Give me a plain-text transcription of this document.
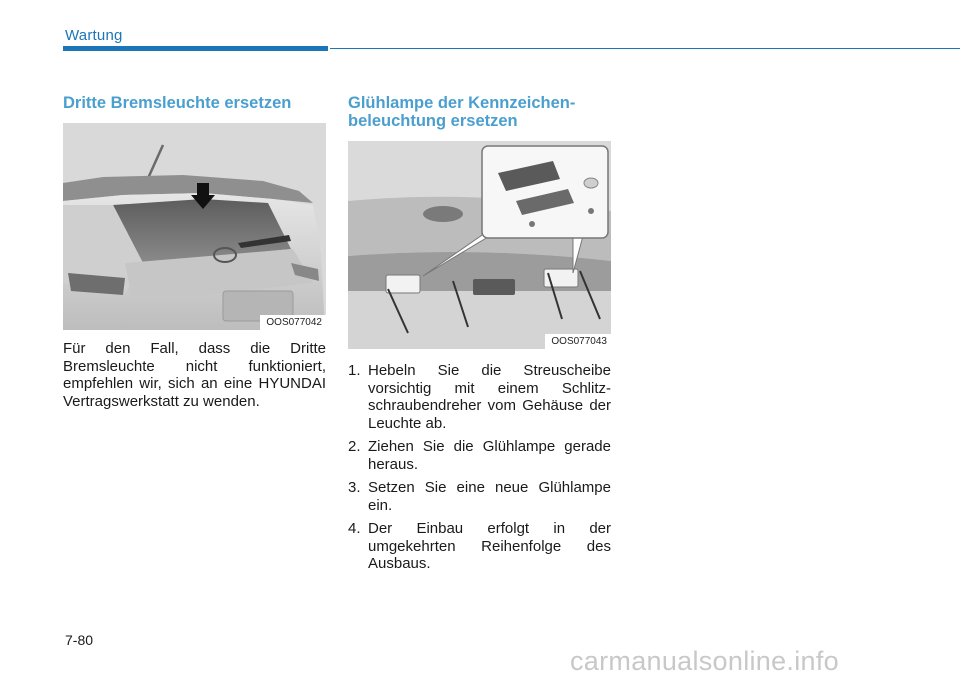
Wartung
Dritte Bremsleuchte ersetzen
OOS077042

Für den Fall, dass die Dritte Bremsleuchte nicht funktioniert, empfehlen wir, sich an eine HYUNDAI Vertragswerkstatt zu wenden.

Glühlampe der Kennzeichen-
beleuchtung ersetzen
OOS077043
1. Hebeln Sie die Streuscheibe vorsichtig mit einem Schlitz-schraubendreher vom Gehäuse der Leuchte ab.
2. Ziehen Sie die Glühlampe gerade heraus.
3. Setzen Sie eine neue Glühlampe ein.
4. Der Einbau erfolgt in der umgekehrten Reihenfolge des Ausbaus.
7-80
carmanualsonline.info
